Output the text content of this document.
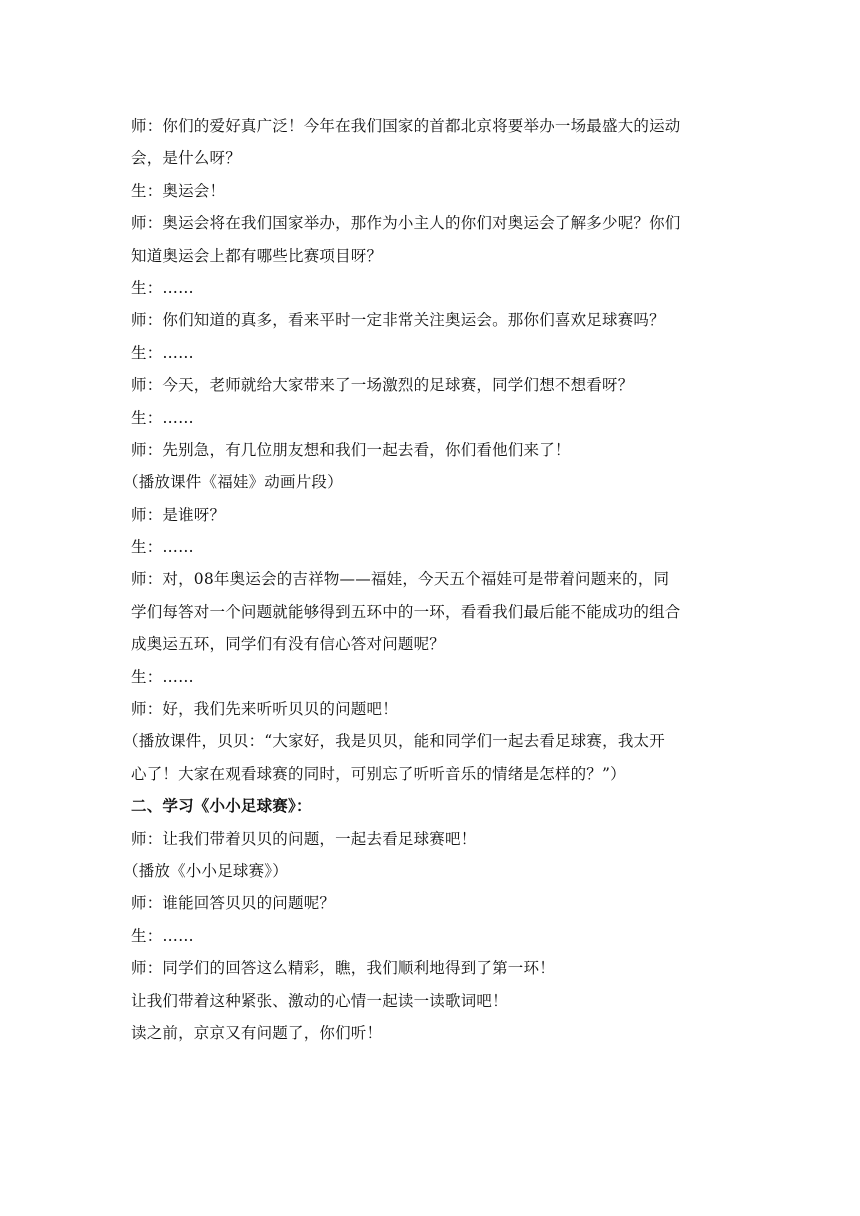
师：你们的爱好真广泛！今年在我们国家的首都北京将要举办一场最盛大的运动
会，是什么呀？
生：奥运会！
师：奥运会将在我们国家举办，那作为小主人的你们对奥运会了解多少呢？你们
知道奥运会上都有哪些比赛项目呀？
生：……
师：你们知道的真多，看来平时一定非常关注奥运会。那你们喜欢足球赛吗？
生：……
师：今天，老师就给大家带来了一场激烈的足球赛，同学们想不想看呀？
生：……
师：先别急，有几位朋友想和我们一起去看，你们看他们来了！
（播放课件《福娃》动画片段）
师：是谁呀？
生：……
师：对，08年奥运会的吉祥物——福娃，今天五个福娃可是带着问题来的，同
学们每答对一个问题就能够得到五环中的一环，看看我们最后能不能成功的组合
成奥运五环，同学们有没有信心答对问题呢？
生：……
师：好，我们先来听听贝贝的问题吧！
（播放课件，贝贝：“大家好，我是贝贝，能和同学们一起去看足球赛，我太开
心了！大家在观看球赛的同时，可别忘了听听音乐的情绪是怎样的？”）
二、学习《小小足球赛》：
师：让我们带着贝贝的问题，一起去看足球赛吧！
（播放《小小足球赛》）
师：谁能回答贝贝的问题呢？
生：……
师：同学们的回答这么精彩，瞧，我们顺利地得到了第一环！
让我们带着这种紧张、激动的心情一起读一读歌词吧！
读之前，京京又有问题了，你们听！
